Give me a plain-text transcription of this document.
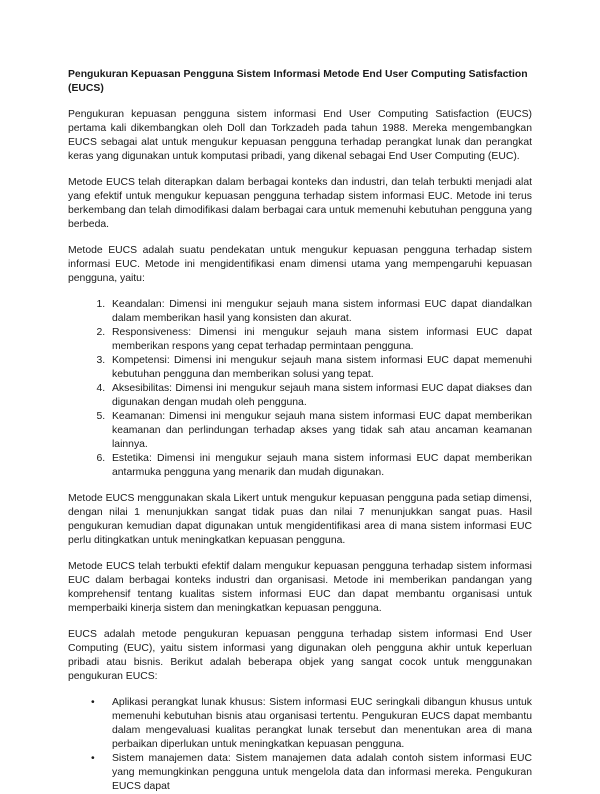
Pengukuran Kepuasan Pengguna Sistem Informasi Metode End User Computing Satisfaction (EUCS)

Pengukuran kepuasan pengguna sistem informasi End User Computing Satisfaction (EUCS) pertama kali dikembangkan oleh Doll dan Torkzadeh pada tahun 1988. Mereka mengembangkan EUCS sebagai alat untuk mengukur kepuasan pengguna terhadap perangkat lunak dan perangkat keras yang digunakan untuk komputasi pribadi, yang dikenal sebagai End User Computing (EUC).

Metode EUCS telah diterapkan dalam berbagai konteks dan industri, dan telah terbukti menjadi alat yang efektif untuk mengukur kepuasan pengguna terhadap sistem informasi EUC. Metode ini terus berkembang dan telah dimodifikasi dalam berbagai cara untuk memenuhi kebutuhan pengguna yang berbeda.

Metode EUCS adalah suatu pendekatan untuk mengukur kepuasan pengguna terhadap sistem informasi EUC. Metode ini mengidentifikasi enam dimensi utama yang mempengaruhi kepuasan pengguna, yaitu:

1. Keandalan: Dimensi ini mengukur sejauh mana sistem informasi EUC dapat diandalkan dalam memberikan hasil yang konsisten dan akurat.
2. Responsiveness: Dimensi ini mengukur sejauh mana sistem informasi EUC dapat memberikan respons yang cepat terhadap permintaan pengguna.
3. Kompetensi: Dimensi ini mengukur sejauh mana sistem informasi EUC dapat memenuhi kebutuhan pengguna dan memberikan solusi yang tepat.
4. Aksesibilitas: Dimensi ini mengukur sejauh mana sistem informasi EUC dapat diakses dan digunakan dengan mudah oleh pengguna.
5. Keamanan: Dimensi ini mengukur sejauh mana sistem informasi EUC dapat memberikan keamanan dan perlindungan terhadap akses yang tidak sah atau ancaman keamanan lainnya.
6. Estetika: Dimensi ini mengukur sejauh mana sistem informasi EUC dapat memberikan antarmuka pengguna yang menarik dan mudah digunakan.

Metode EUCS menggunakan skala Likert untuk mengukur kepuasan pengguna pada setiap dimensi, dengan nilai 1 menunjukkan sangat tidak puas dan nilai 7 menunjukkan sangat puas. Hasil pengukuran kemudian dapat digunakan untuk mengidentifikasi area di mana sistem informasi EUC perlu ditingkatkan untuk meningkatkan kepuasan pengguna.

Metode EUCS telah terbukti efektif dalam mengukur kepuasan pengguna terhadap sistem informasi EUC dalam berbagai konteks industri dan organisasi. Metode ini memberikan pandangan yang komprehensif tentang kualitas sistem informasi EUC dan dapat membantu organisasi untuk memperbaiki kinerja sistem dan meningkatkan kepuasan pengguna.

EUCS adalah metode pengukuran kepuasan pengguna terhadap sistem informasi End User Computing (EUC), yaitu sistem informasi yang digunakan oleh pengguna akhir untuk keperluan pribadi atau bisnis. Berikut adalah beberapa objek yang sangat cocok untuk menggunakan pengukuran EUCS:

• Aplikasi perangkat lunak khusus: Sistem informasi EUC seringkali dibangun khusus untuk memenuhi kebutuhan bisnis atau organisasi tertentu. Pengukuran EUCS dapat membantu dalam mengevaluasi kualitas perangkat lunak tersebut dan menentukan area di mana perbaikan diperlukan untuk meningkatkan kepuasan pengguna.
• Sistem manajemen data: Sistem manajemen data adalah contoh sistem informasi EUC yang memungkinkan pengguna untuk mengelola data dan informasi mereka. Pengukuran EUCS dapat
